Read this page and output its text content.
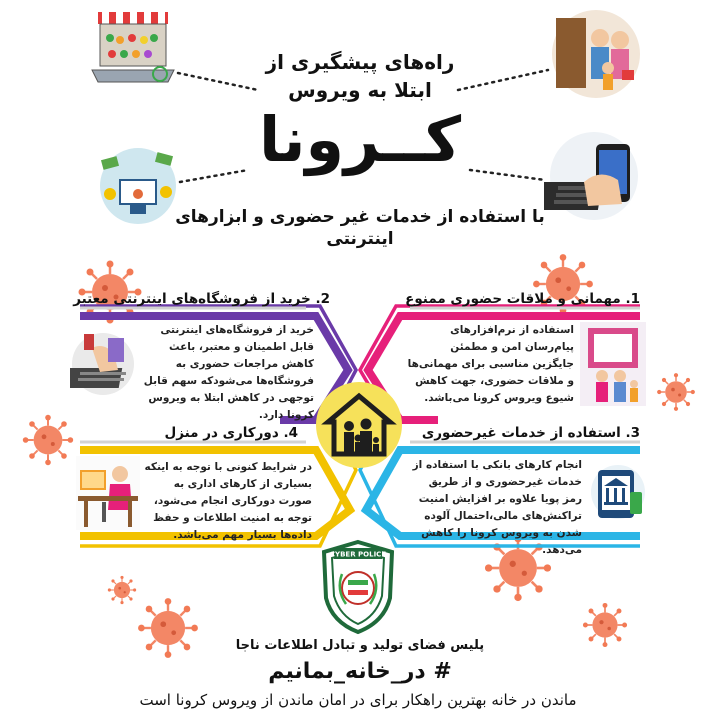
راه‌های پیشگیری از
ابتلا به ویروس
کــرونا
با استفاده از خدمات غیر حضوری و ابزارهای اینترنتی
1. مهمانی و ملاقات حضوری ممنوع
استفاده از نرم‌افزارهای پیام‌رسان امن و مطمئن جایگزین مناسبی برای مهمانی‌ها و ملاقات حضوری، جهت کاهش شیوع ویروس کرونا می‌باشد.
2. خرید از فروشگاه‌های اینترنتی معتبر
خرید از فروشگاه‌های اینترنتی قابل اطمینان و معتبر، باعث کاهش مراجعات حضوری به فروشگاه‌ها می‌شودکه سهم قابل توجهی در کاهش ابتلا به ویروس کرونا دارد.
3. استفاده از خدمات غیرحضوری
انجام کارهای بانکی با استفاده از خدمات غیرحضوری و از طریق رمز پویا علاوه بر افزایش امنیت تراکنش‌های مالی،احتمال آلوده شدن به ویروس کرونا را کاهش می‌دهد.
4. دورکاری در منزل
در شرایط کنونی با توجه به اینکه بسیاری از کارهای اداری به صورت دورکاری انجام می‌شود، توجه به امنیت اطلاعات و حفظ داده‌ها بسیار مهم می‌باشد.
CYBER POLICE
پلیس فضای تولید و تبادل اطلاعات ناجا
# در_خانه_بمانیم
ماندن در خانه بهترین راهکار برای در امان ماندن از ویروس کرونا است
